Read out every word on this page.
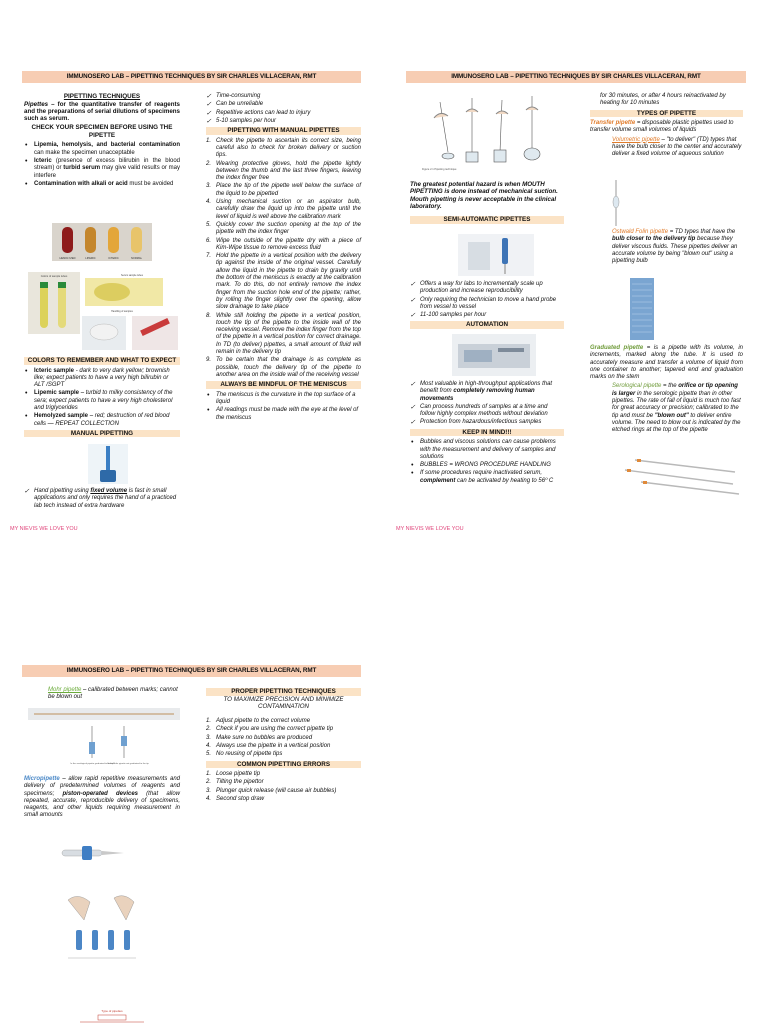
IMMUNOSERO LAB – PIPETTING TECHNIQUES BY SIR CHARLES VILLACERAN, RMT
PIPETTING TECHNIQUES

Pipettes – for the quantitative transfer of reagents and the preparations of serial dilutions of specimens such as serum.

CHECK YOUR SPECIMEN BEFORE USING THE PIPETTE
• Lipemia, hemolysis, and bacterial contamination can make the specimen unacceptable
• Icteric (presence of excess bilirubin in the blood stream) or turbid serum may give valid results or may interfere
• Contamination with alkali or acid must be avoided
HEMOLYZED	LIPEMIC	ICTERIC	NORMAL
Colors of sample tubes	Serum sample tubes
Handling of samples
COLORS TO REMEMBER AND WHAT TO EXPECT
• Icteric sample - dark to very dark yellow; brownish like; expect patients to have a very high bilirubin or ALT /SGPT
• Lipemic sample – turbid to milky consistency of the sera; expect patients to have a very high cholesterol and triglycerides
• Hemolyzed sample – red; destruction of red blood cells — REPEAT COLLECTION
MANUAL PIPETTING
✓ Hand pipetting using fixed volume is fast in small applications and only requires the hand of a practiced lab tech instead of extra hardware
✓ Time-consuming
✓ Can be unreliable
✓ Repetitive actions can lead to injury
✓ 5-10 samples per hour
PIPETTING WITH MANUAL PIPETTES
1. Check the pipette to ascertain its correct size, being careful also to check for broken delivery or suction tips.
2. Wearing protective gloves, hold the pipette lightly between the thumb and the last three fingers, leaving the index finger free
3. Place the tip of the pipette well below the surface of the liquid to be pipetted
4. Using mechanical suction or an aspirator bulb, carefully draw the liquid up into the pipette until the level of liquid is well above the calibration mark
5. Quickly cover the suction opening at the top of the pipette with the index finger
6. Wipe the outside of the pipette dry with a piece of Kim-Wipe tissue to remove excess fluid
7. Hold the pipette in a vertical position with the delivery tip against the inside of the original vessel. Carefully allow the liquid in the pipette to drain by gravity until the bottom of the meniscus is exactly at the calibration mark. To do this, do not entirely remove the index finger from the suction hole end of the pipette; rather, by rolling the finger slightly over the opening, allow slow drainage to take place
8. While still holding the pipette in a vertical position, touch the tip of the pipette to the inside wall of the receiving vessel. Remove the index finger from the top of the pipette in a vertical position for correct drainage. In TD (to deliver) pipettes, a small amount of fluid will remain in the delivery tip
9. To be certain that the drainage is as complete as possible, touch the delivery tip of the pipette to another area on the inside wall of the receiving vessel
ALWAYS BE MINDFUL OF THE MENISCUS
• The meniscus is the curvature in the top surface of a liquid
• All readings must be made with the eye at the level of the meniscus
MY NIEVIS WE LOVE YOU
IMMUNOSERO LAB – PIPETTING TECHNIQUES BY SIR CHARLES VILLACERAN, RMT
Figure 2.1 Pipetting technique

The greatest potential hazard is when MOUTH PIPETTING is done instead of mechanical suction. Mouth pipetting is never acceptable in the clinical laboratory.

SEMI-AUTOMATIC PIPETTES
✓ Offers a way for labs to incrementally scale up production and increase reproducibility
✓ Only requiring the technician to move a hand probe from vessel to vessel
✓ 11-100 samples per hour
AUTOMATION
✓ Most valuable in high-throughput applications that benefit from completely removing human movements
✓ Can process hundreds of samples at a time and follow highly complex methods without deviation
✓ Protection from hazardous/infectious samples
KEEP IN MIND!!!
• Bubbles and viscous solutions can cause problems with the measurement and delivery of samples and solutions
• BUBBLES = WRONG PROCEDURE HANDLING
• If some procedures require inactivated serum, complement can be activated by heating to 56º C

for 30 minutes, or after 4 hours reinactivated by heating for 10 minutes

TYPES OF PIPETTE

Transfer pipette = disposable plastic pipettes used to transfer volume small volumes of liquids

Volumetric pipette – "to deliver" (TD) types that have the bulb closer to the center and accurately deliver a fixed volume of aqueous solution

Ostwald Folin pipette = TD types that have the bulb closer to the delivery tip because they deliver viscous fluids. These pipettes deliver an accurate volume by being "blown out" using a pipetting bulb

Graduated pipette = is a pipette with its volume, in increments, marked along the tube. It is used to accurately measure and transfer a volume of liquid from one container to another; tapered end and graduation marks on the stem

Serological pipette = the orifice or tip opening is larger in the serologic pipette than in other pipettes. The rate of fall of liquid is much too fast for great accuracy or precision; calibrated to the tip and must be "blown out" to deliver entire volume. The need to blow out is indicated by the etched rings at the top of the pipette

MY NIEVIS WE LOVE YOU
IMMUNOSERO LAB – PIPETTING TECHNIQUES BY SIR CHARLES VILLACERAN, RMT

Mohr pipette – calibrated between marks; cannot be blown out

In the serological pipette graduated to the tip
In the Mohr pipette not graduated to the tip

Micropipette – allow rapid repetitive measurements and delivery of predetermined volumes of reagents and specimens; piston-operated devices (that allow repeated, accurate, reproducible delivery of specimens, reagents, and other liquids requiring measurement in small amounts

Type of pipettes
PROPER PIPETTING TECHNIQUES
TO MAXIMIZE PRECISION AND MINIMIZE CONTAMINATION
1. Adjust pipette to the correct volume
2. Check if you are using the correct pipette tip
3. Make sure no bubbles are produced
4. Always use the pipette in a vertical position
5. No reusing of pipette tips
COMMON PIPETTING ERRORS
1. Loose pipette tip
2. Tilting the pipettor
3. Plunger quick release (will cause air bubbles)
4. Second stop draw
